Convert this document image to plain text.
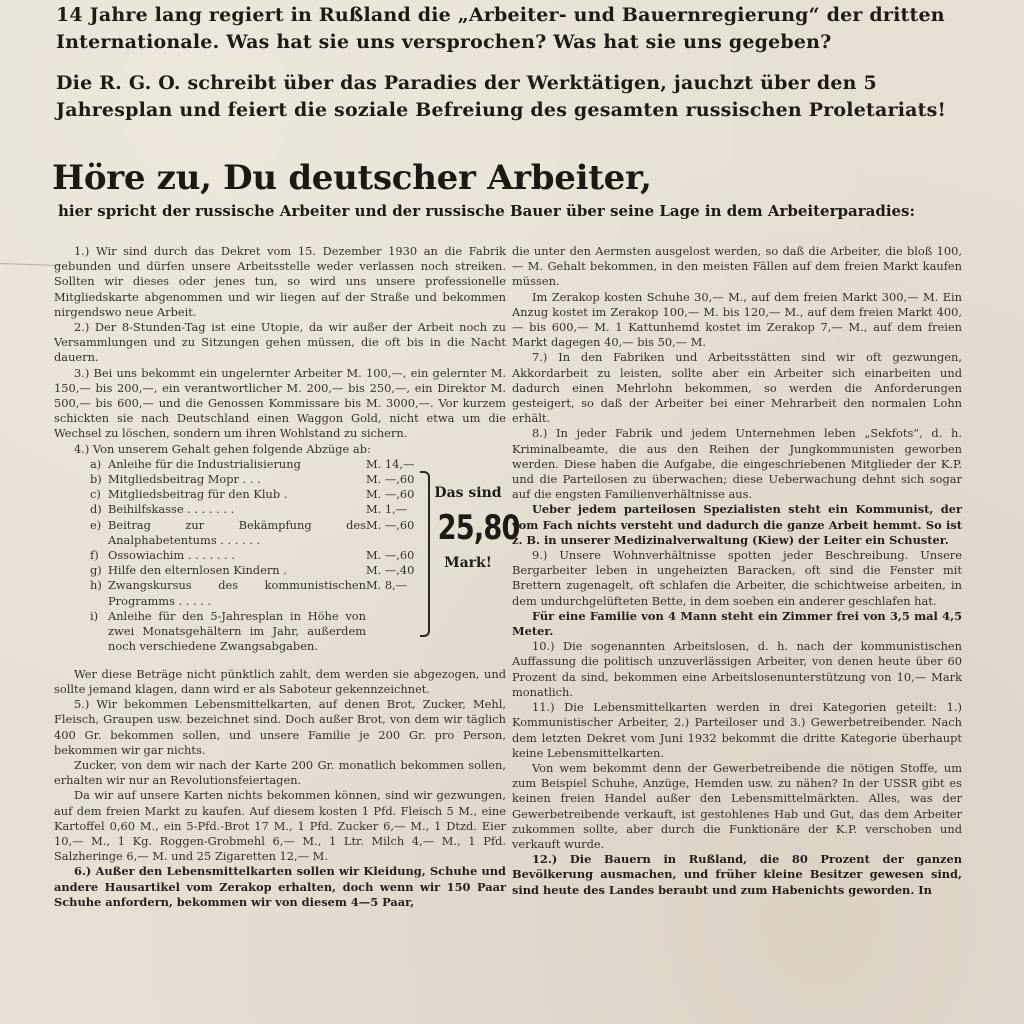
14 Jahre lang regiert in Rußland die „Arbeiter- und Bauernregierung“ der dritten Internationale. Was hat sie uns versprochen? Was hat sie uns gegeben?

Die R. G. O. schreibt über das Paradies der Werktätigen, jauchzt über den 5 Jahresplan und feiert die soziale Befreiung des gesamten russischen Proletariats!

Höre zu, Du deutscher Arbeiter,
hier spricht der russische Arbeiter und der russische Bauer über seine Lage in dem Arbeiterparadies:

1.) Wir sind durch das Dekret vom 15. Dezember 1930 an die Fabrik gebunden und dürfen unsere Arbeitsstelle weder verlassen noch streiken. Sollten wir dieses oder jenes tun, so wird uns unsere professionelle Mitgliedskarte abgenommen und wir liegen auf der Straße und bekommen nirgendswo neue Arbeit.

2.) Der 8-Stunden-Tag ist eine Utopie, da wir außer der Arbeit noch zu Versammlungen und zu Sitzungen gehen müssen, die oft bis in die Nacht dauern.

3.) Bei uns bekommt ein ungelernter Arbeiter M. 100,—, ein gelernter M. 150,— bis 200,—, ein verantwortlicher M. 200,— bis 250,—, ein Direktor M. 500,— bis 600,— und die Genossen Kommissare bis M. 3000,—. Vor kurzem schickten sie nach Deutschland einen Waggon Gold, nicht etwa um die Wechsel zu löschen, sondern um ihren Wohlstand zu sichern.

4.) Von unserem Gehalt gehen folgende Abzüge ab:

a) Anleihe für die Industrialisierung	M. 14,—
b) Mitgliedsbeitrag Mopr . . .	M. —,60
c) Mitgliedsbeitrag für den Klub .	M. —,60
d) Beihilfskasse . . . . . . .	M. 1,—
e) Beitrag zur Bekämpfung des Analphabetentums . . . . . .
M. —,60
f) Ossowiachim . . . . . . .	M. —,60
g) Hilfe den elternlosen Kindern .	M. —,40
h) Zwangskursus des kommunistischen Programms . . . . .
M. 8,—
i) Anleihe für den 5-Jahresplan in Höhe von zwei Monatsgehältern im Jahr, außerdem noch verschiedene Zwangsabgaben.
Das sind
25,80
Mark!

Wer diese Beträge nicht pünktlich zahlt, dem werden sie abgezogen, und sollte jemand klagen, dann wird er als Saboteur gekennzeichnet.

5.) Wir bekommen Lebensmittelkarten, auf denen Brot, Zucker, Mehl, Fleisch, Graupen usw. bezeichnet sind. Doch außer Brot, von dem wir täglich 400 Gr. bekommen sollen, und unsere Familie je 200 Gr. pro Person, bekommen wir gar nichts.

Zucker, von dem wir nach der Karte 200 Gr. monatlich bekommen sollen, erhalten wir nur an Revolutionsfeiertagen.

Da wir auf unsere Karten nichts bekommen können, sind wir gezwungen, auf dem freien Markt zu kaufen. Auf diesem kosten 1 Pfd. Fleisch 5 M., eine Kartoffel 0,60 M., ein 5-Pfd.-Brot 17 M., 1 Pfd. Zucker 6,— M., 1 Dtzd. Eier 10,— M., 1 Kg. Roggen-Grobmehl 6,— M., 1 Ltr. Milch 4,— M., 1 Pfd. Salzheringe 6,— M. und 25 Zigaretten 12,— M.

6.) Außer den Lebensmittelkarten sollen wir Kleidung, Schuhe und andere Hausartikel vom Zerakop erhalten, doch wenn wir 150 Paar Schuhe anfordern, bekommen wir von diesem 4—5 Paar,

die unter den Aermsten ausgelost werden, so daß die Arbeiter, die bloß 100,— M. Gehalt bekommen, in den meisten Fällen auf dem freien Markt kaufen müssen.

Im Zerakop kosten Schuhe 30,— M., auf dem freien Markt 300,— M. Ein Anzug kostet im Zerakop 100,— M. bis 120,— M., auf dem freien Markt 400,— bis 600,— M. 1 Kattunhemd kostet im Zerakop 7,— M., auf dem freien Markt dagegen 40,— bis 50,— M.

7.) In den Fabriken und Arbeitsstätten sind wir oft gezwungen, Akkordarbeit zu leisten, sollte aber ein Arbeiter sich einarbeiten und dadurch einen Mehrlohn bekommen, so werden die Anforderungen gesteigert, so daß der Arbeiter bei einer Mehrarbeit den normalen Lohn erhält.

8.) In jeder Fabrik und jedem Unternehmen leben „Sekfots“, d. h. Kriminalbeamte, die aus den Reihen der Jungkommunisten geworben werden. Diese haben die Aufgabe, die eingeschriebenen Mitglieder der K.P. und die Parteilosen zu überwachen; diese Ueberwachung dehnt sich sogar auf die engsten Familienverhältnisse aus.

Ueber jedem parteilosen Spezialisten steht ein Kommunist, der vom Fach nichts versteht und dadurch die ganze Arbeit hemmt. So ist z. B. in unserer Medizinalverwaltung (Kiew) der Leiter ein Schuster.

9.) Unsere Wohnverhältnisse spotten jeder Beschreibung. Unsere Bergarbeiter leben in ungeheizten Baracken, oft sind die Fenster mit Brettern zugenagelt, oft schlafen die Arbeiter, die schichtweise arbeiten, in dem undurchgelüfteten Bette, in dem soeben ein anderer geschlafen hat.

Für eine Familie von 4 Mann steht ein Zimmer frei von 3,5 mal 4,5 Meter.

10.) Die sogenannten Arbeitslosen, d. h. nach der kommunistischen Auffassung die politisch unzuverlässigen Arbeiter, von denen heute über 60 Prozent da sind, bekommen eine Arbeitslosenunterstützung von 10,— Mark monatlich.

11.) Die Lebensmittelkarten werden in drei Kategorien geteilt: 1.) Kommunistischer Arbeiter, 2.) Parteiloser und 3.) Gewerbetreibender. Nach dem letzten Dekret vom Juni 1932 bekommt die dritte Kategorie überhaupt keine Lebensmittelkarten.

Von wem bekommt denn der Gewerbetreibende die nötigen Stoffe, um zum Beispiel Schuhe, Anzüge, Hemden usw. zu nähen? In der USSR gibt es keinen freien Handel außer den Lebensmittelmärkten. Alles, was der Gewerbetreibende verkauft, ist gestohlenes Hab und Gut, das dem Arbeiter zukommen sollte, aber durch die Funktionäre der K.P. verschoben und verkauft wurde.

12.) Die Bauern in Rußland, die 80 Prozent der ganzen Bevölkerung ausmachen, und früher kleine Besitzer gewesen sind, sind heute des Landes beraubt und zum Habenichts geworden. In
